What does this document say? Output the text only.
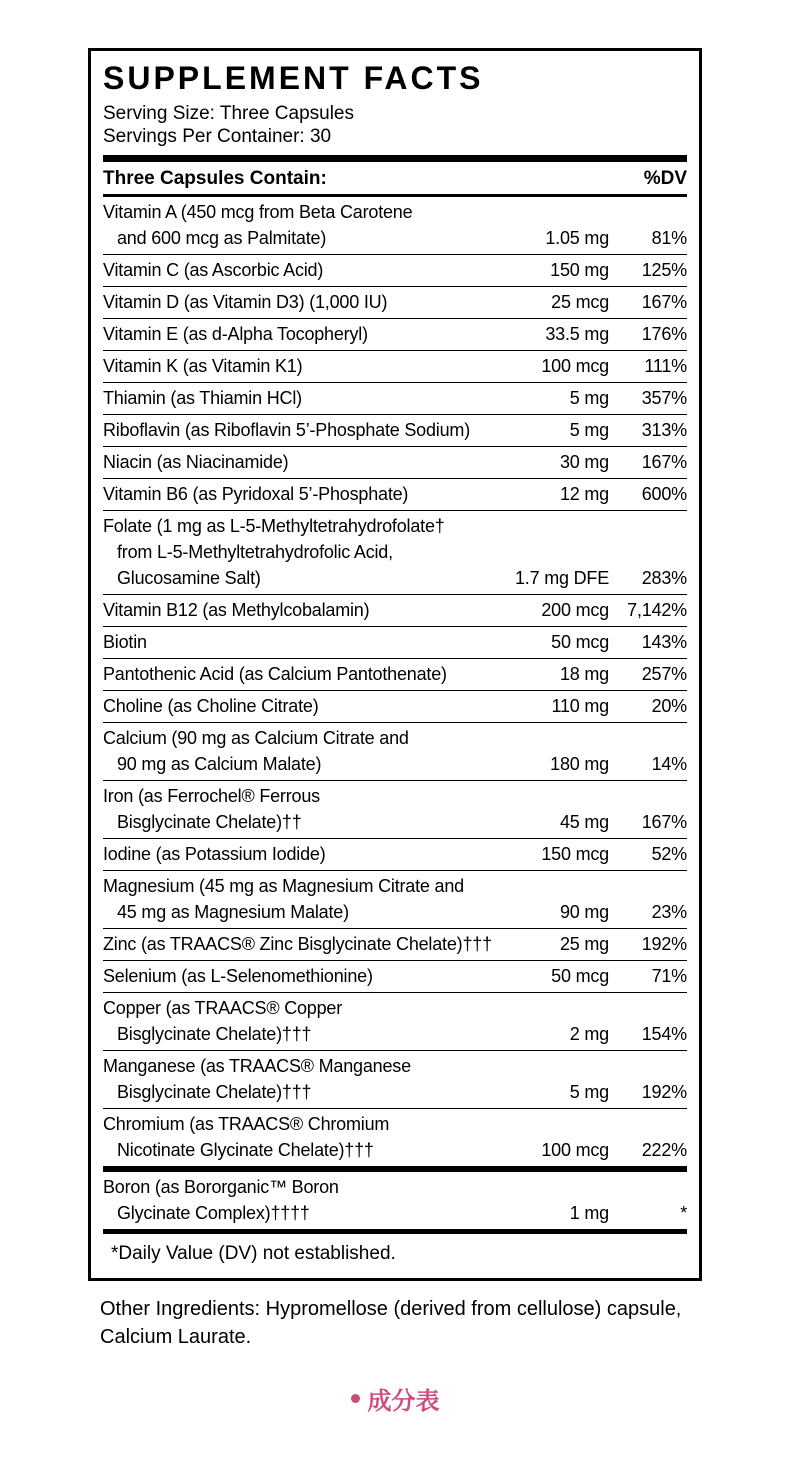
SUPPLEMENT FACTS
Serving Size: Three Capsules
Servings Per Container: 30
Three Capsules Contain:	%DV
Vitamin A (450 mcg from Beta Carotene
and 600 mcg as Palmitate)	1.05 mg	81%
Vitamin C (as Ascorbic Acid)	150 mg	125%
Vitamin D (as Vitamin D3) (1,000 IU)	25 mcg	167%
Vitamin E (as d-Alpha Tocopheryl)	33.5 mg	176%
Vitamin K (as Vitamin K1)	100 mcg	111%
Thiamin (as Thiamin HCl)	5 mg	357%
Riboflavin (as Riboflavin 5’-Phosphate Sodium)	5 mg	313%
Niacin (as Niacinamide)	30 mg	167%
Vitamin B6 (as Pyridoxal 5’-Phosphate)	12 mg	600%
Folate (1 mg as L-5-Methyltetrahydrofolate†
from L-5-Methyltetrahydrofolic Acid,
Glucosamine Salt)	1.7 mg DFE	283%
Vitamin B12 (as Methylcobalamin)	200 mcg	7,142%
Biotin	50 mcg	143%
Pantothenic Acid (as Calcium Pantothenate)	18 mg	257%
Choline (as Choline Citrate)	110 mg	20%
Calcium (90 mg as Calcium Citrate and
90 mg as Calcium Malate)	180 mg	14%
Iron (as Ferrochel® Ferrous
Bisglycinate Chelate)††	45 mg	167%
Iodine (as Potassium Iodide)	150 mcg	52%
Magnesium (45 mg as Magnesium Citrate and
45 mg as Magnesium Malate)	90 mg	23%
Zinc (as TRAACS® Zinc Bisglycinate Chelate)†††	25 mg	192%
Selenium (as L-Selenomethionine)	50 mcg	71%
Copper (as TRAACS® Copper
Bisglycinate Chelate)†††	2 mg	154%
Manganese (as TRAACS® Manganese
Bisglycinate Chelate)†††	5 mg	192%
Chromium (as TRAACS® Chromium
Nicotinate Glycinate Chelate)†††	100 mcg	222%
Boron (as Bororganic™ Boron
Glycinate Complex)††††	1 mg	*
*Daily Value (DV) not established.
Other Ingredients: Hypromellose (derived from cellulose) capsule,
Calcium Laurate.
成分表
